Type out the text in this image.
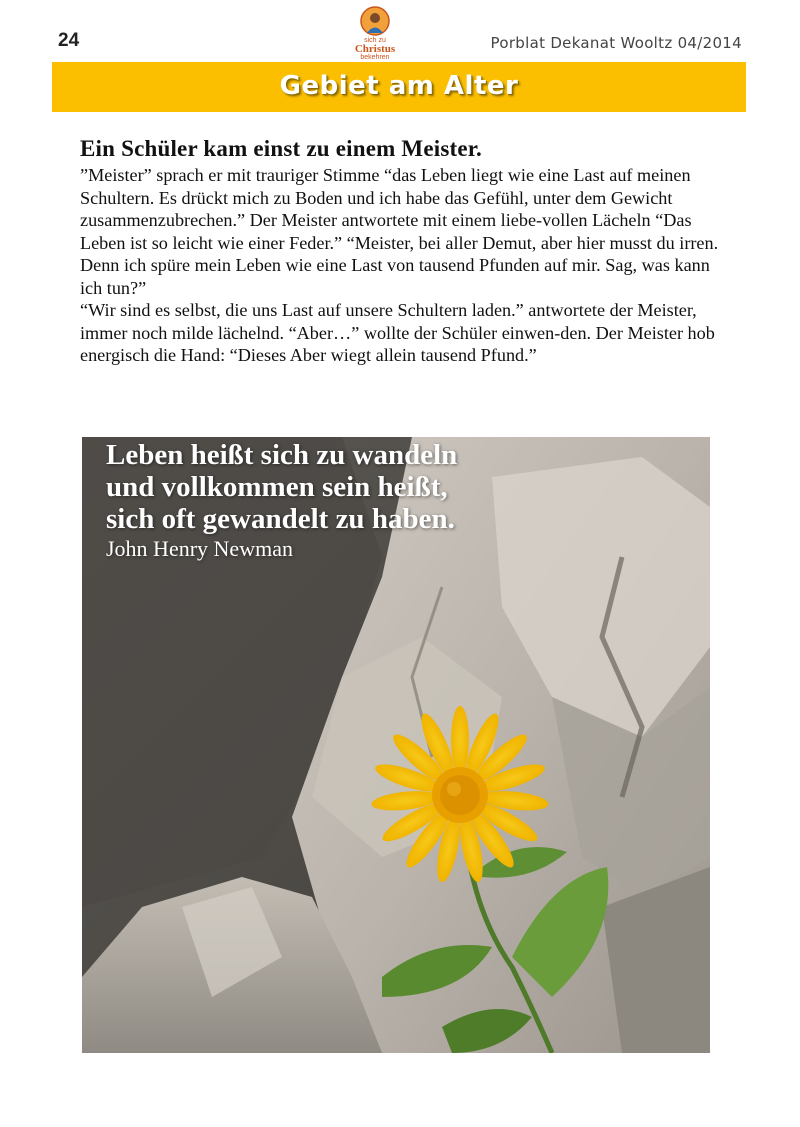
24	sich zu
Christus
bekehren
Porblat Dekanat Wooltz 04/2014
Gebiet am Alter
Ein Schüler kam einst zu einem Meister.

”Meister” sprach er mit trauriger Stimme “das Leben liegt wie eine Last auf meinen Schultern. Es drückt mich zu Boden und ich habe das Gefühl, unter dem Gewicht zusammenzubrechen.” Der Meister antwortete mit einem liebe-vollen Lächeln “Das Leben ist so leicht wie einer Feder.” “Meister, bei aller Demut, aber hier musst du irren. Denn ich spüre mein Leben wie eine Last von tausend Pfunden auf mir. Sag, was kann ich tun?”

“Wir sind es selbst, die uns Last auf unsere Schultern laden.” antwortete der Meister, immer noch milde lächelnd. “Aber…” wollte der Schüler einwen-den. Der Meister hob energisch die Hand: “Dieses Aber wiegt allein tausend Pfund.”

Leben heißt sich zu wandeln
und vollkommen sein heißt,
sich oft gewandelt zu haben.
John Henry Newman
